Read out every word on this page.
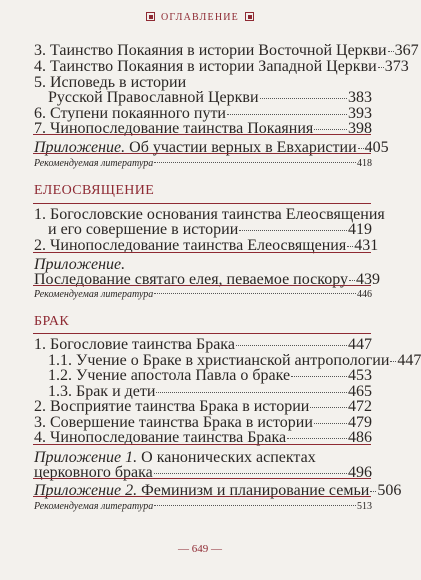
ОГЛАВЛЕНИЕ
3. Таинство Покаяния в истории Восточной Церкви 367
4. Таинство Покаяния в истории Западной Церкви 373
5. Исповедь в истории
Русской Православной Церкви	383
6. Ступени покаянного пути	393
7. Чинопоследование таинства Покаяния 398
Приложение. Об участии верных в Евхаристии 405
Рекомендуемая литература	418
ЕЛЕОСВЯЩЕНИЕ
1. Богословские основания таинства Елеосвящения
и его совершение в истории	419
2. Чинопоследование таинства Елеосвящения 431
Приложение.
Последование святаго елея, певаемое поскору 439
Рекомендуемая литература	446
БРАК
1. Богословие таинства Брака	447
1.1. Учение о Браке в христианской антропологии 447
1.2. Учение апостола Павла о браке	453
1.3. Брак и дети	465
2. Восприятие таинства Брака в истории 472
3. Совершение таинства Брака в истории 479
4. Чинопоследование таинства Брака	486
Приложение 1. О канонических аспектах
церковного брака	496
Приложение 2. Феминизм и планирование семьи 506
Рекомендуемая литература	513
— 649 —
